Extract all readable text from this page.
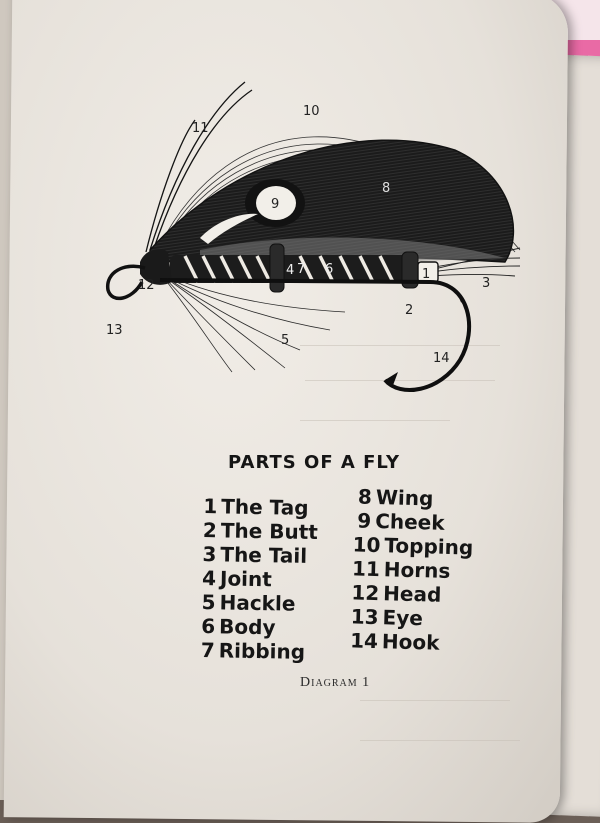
1
2
3
4
5
6
7
8
9
10
11
12
13
14
PARTS OF A FLY
1 The Tag
2 The Butt
3 The Tail
4 Joint
5 Hackle
6 Body
7 Ribbing
8 Wing
9 Cheek
10 Topping
11 Horns
12 Head
13 Eye
14 Hook
Diagram 1
